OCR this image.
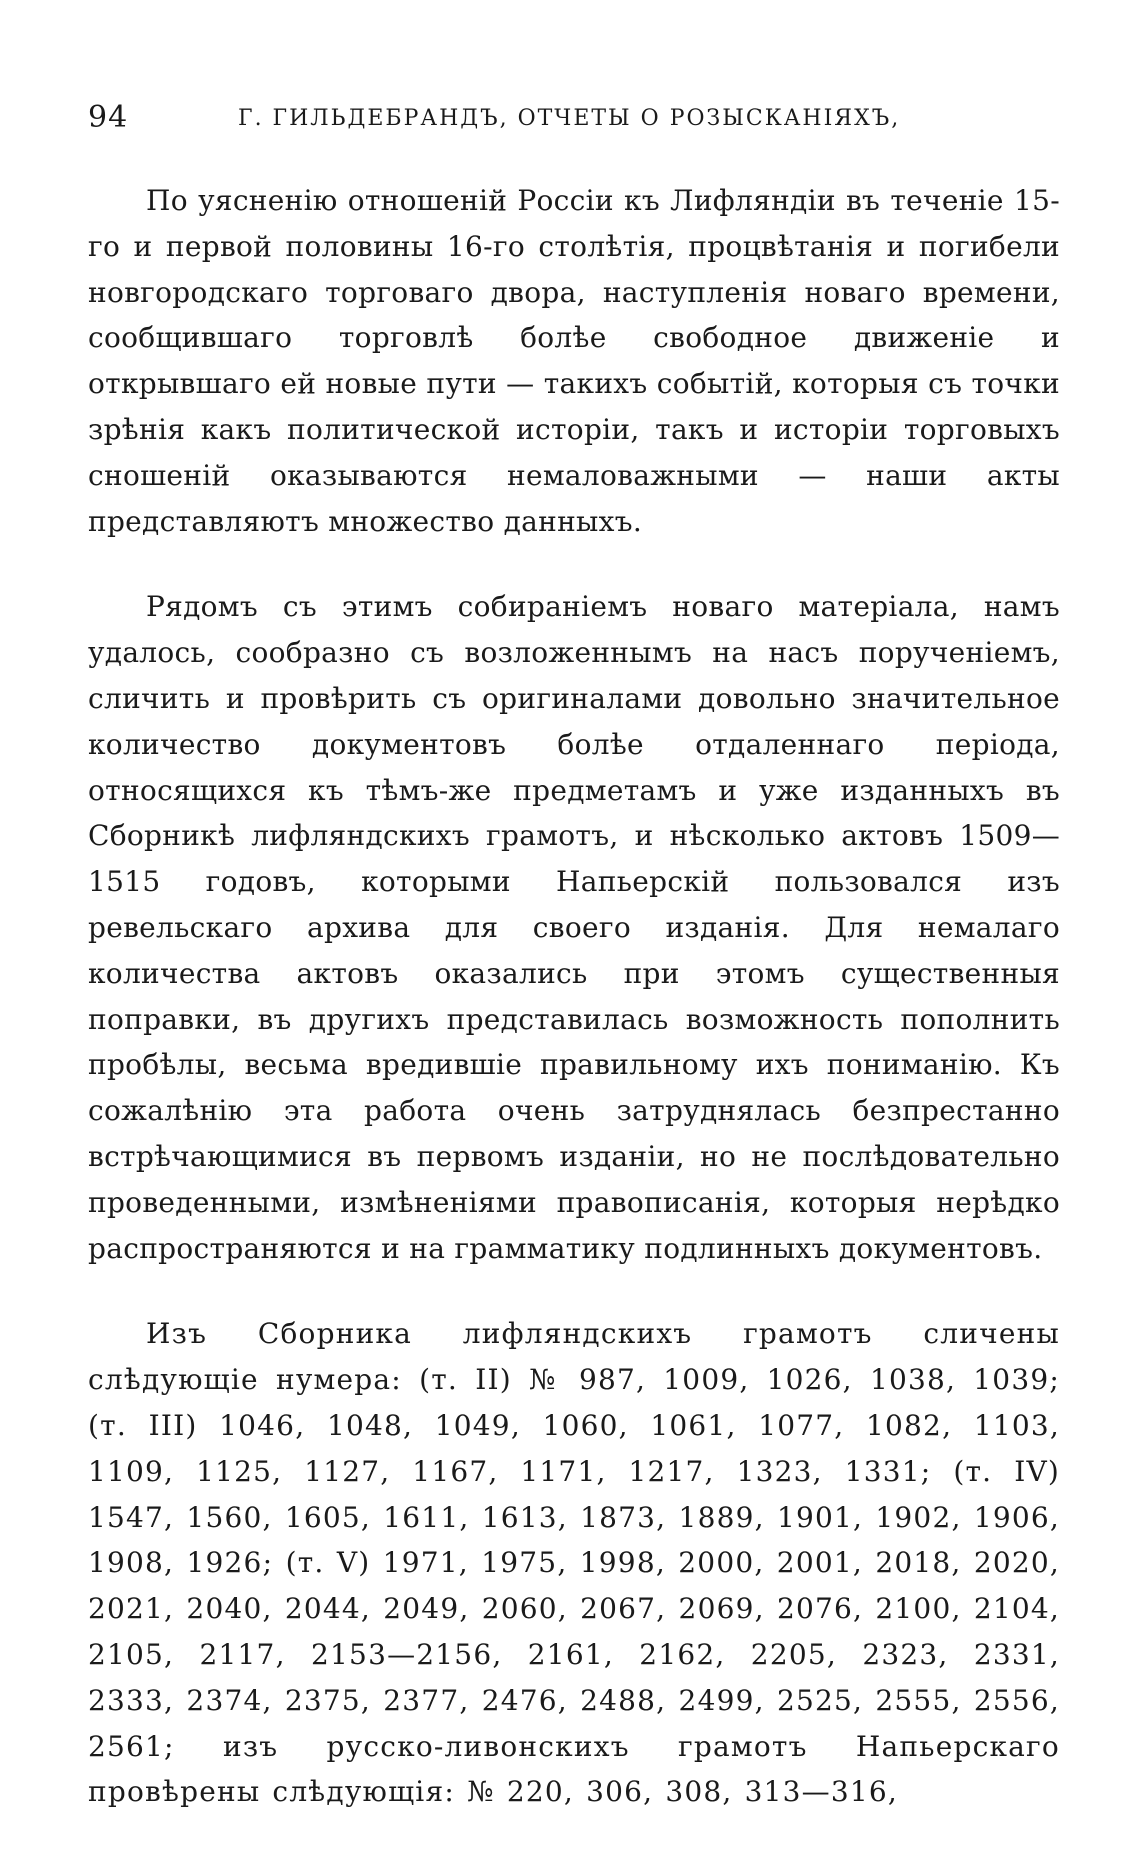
94	Г. ГИЛЬДЕБРАНДЪ, ОТЧЕТЫ О РОЗЫСКАНІЯХЪ,

По уясненію отношеній Россіи къ Лифляндіи въ теченіе 15-го и первой половины 16-го столѣтія, процвѣтанія и погибели новгородскаго торговаго двора, наступленія новаго времени, сообщившаго торговлѣ болѣе свободное движеніе и открывшаго ей новые пути — такихъ событій, которыя съ точки зрѣнія какъ политической исторіи, такъ и исторіи торговыхъ сношеній оказываются немаловажными — наши акты представляютъ множество данныхъ.

Рядомъ съ этимъ собираніемъ новаго матеріала, намъ удалось, сообразно съ возложеннымъ на насъ порученіемъ, сличить и провѣрить съ оригиналами довольно значительное количество документовъ болѣе отдаленнаго періода, относящихся къ тѣмъ-же предметамъ и уже изданныхъ въ Сборникѣ лифляндскихъ грамотъ, и нѣсколько актовъ 1509—1515 годовъ, которыми Напьерскій пользовался изъ ревельскаго архива для своего изданія. Для немалаго количества актовъ оказались при этомъ существенныя поправки, въ другихъ представилась возможность пополнить пробѣлы, весьма вредившіе правильному ихъ пониманію. Къ сожалѣнію эта работа очень затруднялась безпрестанно встрѣчающимися въ первомъ изданіи, но не послѣдовательно проведенными, измѣненіями правописанія, которыя нерѣдко распространяются и на грамматику подлинныхъ документовъ.

Изъ Сборника лифляндскихъ грамотъ сличены слѣдующіе нумера: (т. II) № 987, 1009, 1026, 1038, 1039; (т. III) 1046, 1048, 1049, 1060, 1061, 1077, 1082, 1103, 1109, 1125, 1127, 1167, 1171, 1217, 1323, 1331; (т. IV) 1547, 1560, 1605, 1611, 1613, 1873, 1889, 1901, 1902, 1906, 1908, 1926; (т. V) 1971, 1975, 1998, 2000, 2001, 2018, 2020, 2021, 2040, 2044, 2049, 2060, 2067, 2069, 2076, 2100, 2104, 2105, 2117, 2153—2156, 2161, 2162, 2205, 2323, 2331, 2333, 2374, 2375, 2377, 2476, 2488, 2499, 2525, 2555, 2556, 2561; изъ русско-ливонскихъ грамотъ Напьерскаго провѣрены слѣдующія: № 220, 306, 308, 313—316,
